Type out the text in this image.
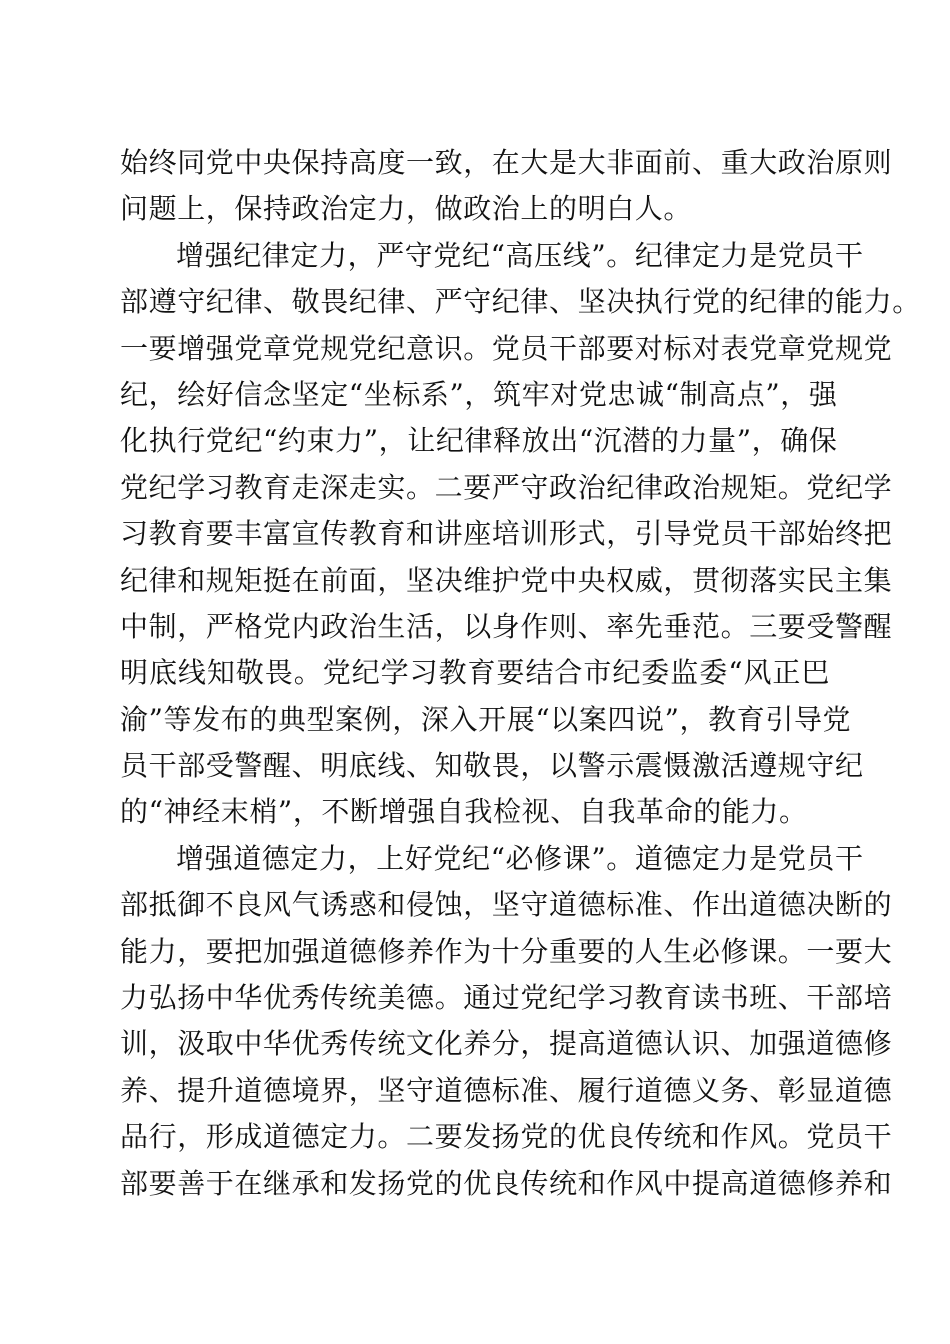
始终同党中央保持高度一致，在大是大非面前、重大政治原则
问题上，保持政治定力，做政治上的明白人。
增强纪律定力，严守党纪“高压线”。纪律定力是党员干
部遵守纪律、敬畏纪律、严守纪律、坚决执行党的纪律的能力。
一要增强党章党规党纪意识。党员干部要对标对表党章党规党
纪，绘好信念坚定“坐标系”，筑牢对党忠诚“制高点”，强
化执行党纪“约束力”，让纪律释放出“沉潜的力量”，确保
党纪学习教育走深走实。二要严守政治纪律政治规矩。党纪学
习教育要丰富宣传教育和讲座培训形式，引导党员干部始终把
纪律和规矩挺在前面，坚决维护党中央权威，贯彻落实民主集
中制，严格党内政治生活，以身作则、率先垂范。三要受警醒
明底线知敬畏。党纪学习教育要结合市纪委监委“风正巴
渝”等发布的典型案例，深入开展“以案四说”，教育引导党
员干部受警醒、明底线、知敬畏，以警示震慑激活遵规守纪
的“神经末梢”，不断增强自我检视、自我革命的能力。
增强道德定力，上好党纪“必修课”。道德定力是党员干
部抵御不良风气诱惑和侵蚀，坚守道德标准、作出道德决断的
能力，要把加强道德修养作为十分重要的人生必修课。一要大
力弘扬中华优秀传统美德。通过党纪学习教育读书班、干部培
训，汲取中华优秀传统文化养分，提高道德认识、加强道德修
养、提升道德境界，坚守道德标准、履行道德义务、彰显道德
品行，形成道德定力。二要发扬党的优良传统和作风。党员干
部要善于在继承和发扬党的优良传统和作风中提高道德修养和
